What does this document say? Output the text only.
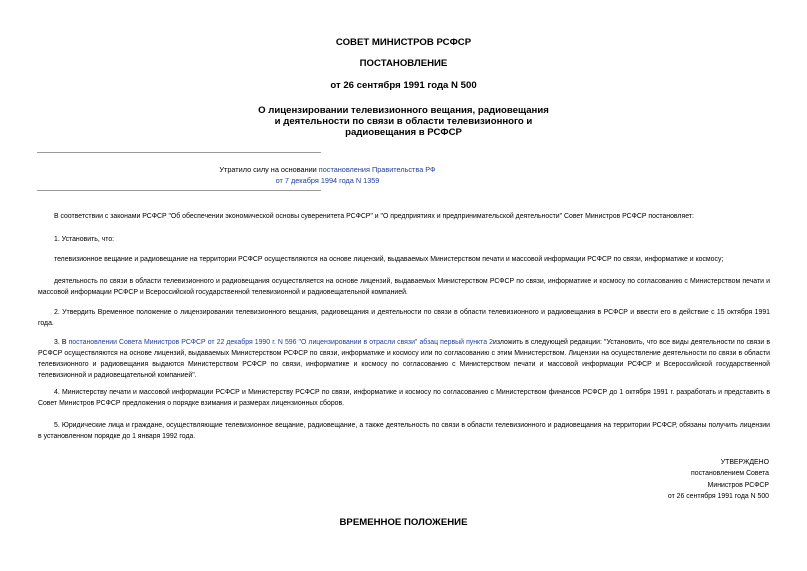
СОВЕТ МИНИСТРОВ РСФСР
ПОСТАНОВЛЕНИЕ
от 26 сентября 1991 года N 500
О лицензировании телевизионного вещания, радиовещания
и деятельности по связи в области телевизионного и
радиовещания в РСФСР
Утратило силу на основании постановления Правительства РФ
от 7 декабря 1994 года N 1359
В соответствии с законами РСФСР "Об обеспечении экономической основы суверенитета РСФСР" и "О предприятиях и предпринимательской деятельности" Совет Министров РСФСР постановляет:
1. Установить, что:
телевизионное вещание и радиовещание на территории РСФСР осуществляются на основе лицензий, выдаваемых Министерством печати и массовой информации РСФСР по связи, информатике и космосу;
деятельность по связи в области телевизионного и радиовещания осуществляется на основе лицензий, выдаваемых Министерством РСФСР по связи, информатике и космосу по согласованию с Министерством печати и массовой информации РСФСР и Всероссийской государственной телевизионной и радиовещательной компанией.
2. Утвердить Временное положение о лицензировании телевизионного вещания, радиовещания и деятельности по связи в области телевизионного и радиовещания в РСФСР и ввести его в действие с 15 октября 1991 года.
3. В постановлении Совета Министров РСФСР от 22 декабря 1990 г. N 596 "О лицензировании в отрасли связи" абзац первый пункта 2изложить в следующей редакции: "Установить, что все виды деятельности по связи в РСФСР осуществляются на основе лицензий, выдаваемых Министерством РСФСР по связи, информатике и космосу или по согласованию с этим Министерством. Лицензии на осуществление деятельности по связи в области телевизионного и радиовещания выдаются Министерством РСФСР по связи, информатике и космосу по согласованию с Министерством печати и массовой информации РСФСР и Всероссийской государственной телевизионной и радиовещательной компанией".
4. Министерству печати и массовой информации РСФСР и Министерству РСФСР по связи, информатике и космосу по согласованию с Министерством финансов РСФСР до 1 октября 1991 г. разработать и представить в Совет Министров РСФСР предложения о порядке взимания и размерах лицензионных сборов.
5. Юридические лица и граждане, осуществляющие телевизионное вещание, радиовещание, а также деятельность по связи в области телевизионного и радиовещания на территории РСФСР, обязаны получить лицензии в установленном порядке до 1 января 1992 года.
УТВЕРЖДЕНО
постановлением Совета
Министров РСФСР
от 26 сентября 1991 года N 500
ВРЕМЕННОЕ ПОЛОЖЕНИЕ
